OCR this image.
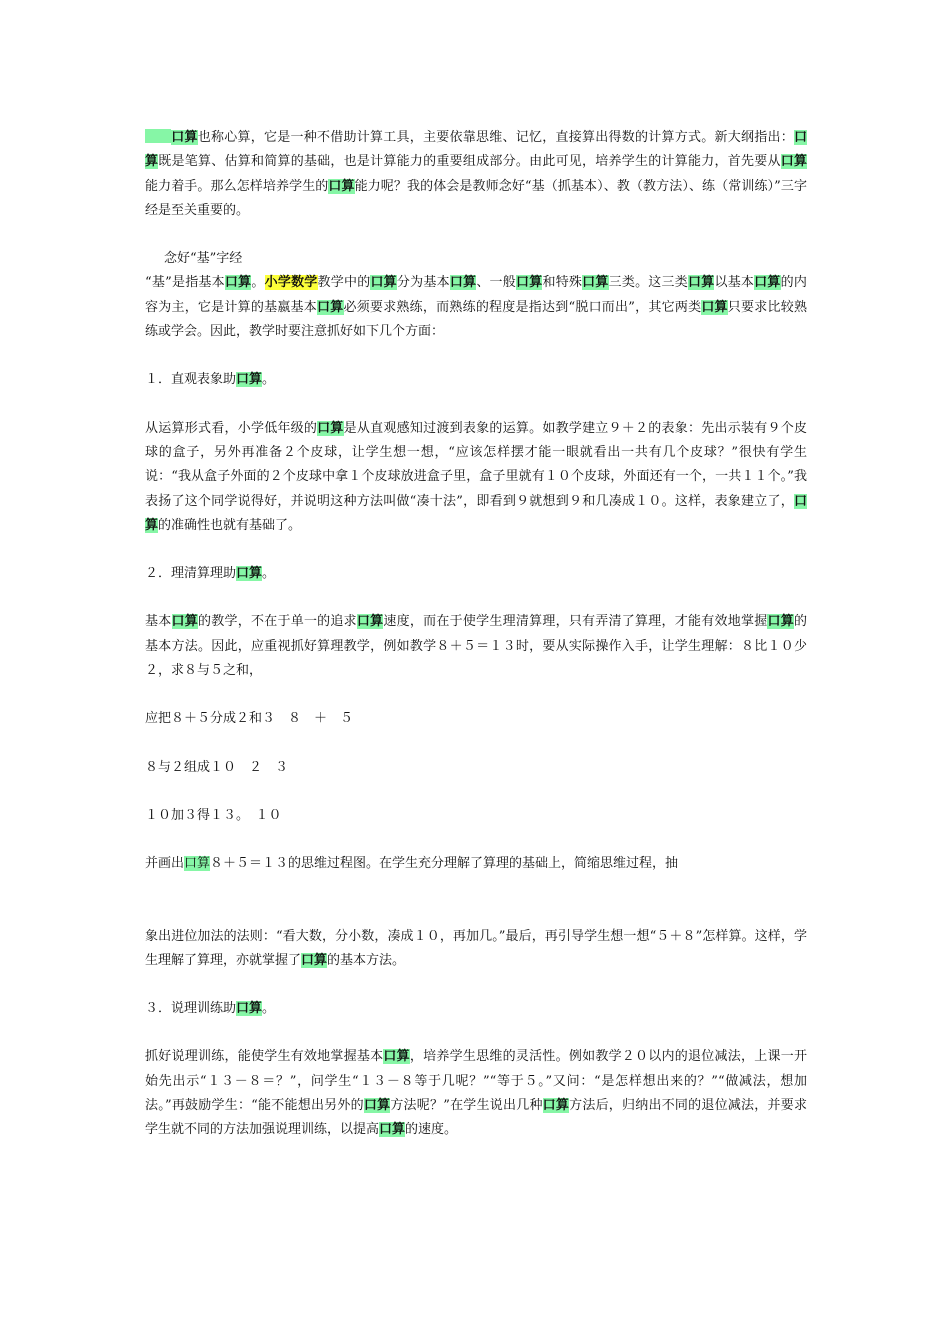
口算也称心算，它是一种不借助计算工具，主要依靠思维、记忆，直接算出得数的计算方式。新大纲指出：口算既是笔算、估算和简算的基础，也是计算能力的重要组成部分。由此可见，培养学生的计算能力，首先要从口算能力着手。那么怎样培养学生的口算能力呢？我的体会是教师念好“基（抓基本）、教（教方法）、练（常训练）”三字经是至关重要的。

念好“基”字经

“基”是指基本口算。小学数学教学中的口算分为基本口算、一般口算和特殊口算三类。这三类口算以基本口算的内容为主，它是计算的基嬴基本口算必须要求熟练，而熟练的程度是指达到“脱口而出”，其它两类口算只要求比较熟练或学会。因此，教学时要注意抓好如下几个方面：

１．直观表象助口算。

从运算形式看，小学低年级的口算是从直观感知过渡到表象的运算。如教学建立９＋２的表象：先出示装有９个皮球的盒子，另外再准备２个皮球，让学生想一想，“应该怎样摆才能一眼就看出一共有几个皮球？”很快有学生说：“我从盒子外面的２个皮球中拿１个皮球放进盒子里，盒子里就有１０个皮球，外面还有一个，一共１１个。”我表扬了这个同学说得好，并说明这种方法叫做“凑十法”，即看到９就想到９和几凑成１０。这样，表象建立了，口算的准确性也就有基础了。

２．理清算理助口算。

基本口算的教学，不在于单一的追求口算速度，而在于使学生理清算理，只有弄清了算理，才能有效地掌握口算的基本方法。因此，应重视抓好算理教学，例如教学８＋５＝１３时，要从实际操作入手，让学生理解：８比１０少２，求８与５之和，

应把８＋５分成２和３　８　＋　５

８与２组成１０　２　３

１０加３得１３。　１０

并画出口算８＋５＝１３的思维过程图。在学生充分理解了算理的基础上，简缩思维过程，抽

象出进位加法的法则：“看大数，分小数，凑成１０，再加几。”最后，再引导学生想一想“５＋８”怎样算。这样，学生理解了算理，亦就掌握了口算的基本方法。

３．说理训练助口算。

抓好说理训练，能使学生有效地掌握基本口算，培养学生思维的灵活性。例如教学２０以内的退位减法，上课一开始先出示“１３－８＝？”，问学生“１３－８等于几呢？”“等于５。”又问：“是怎样想出来的？”“做减法，想加法。”再鼓励学生：“能不能想出另外的口算方法呢？”在学生说出几种口算方法后，归纳出不同的退位减法，并要求学生就不同的方法加强说理训练，以提高口算的速度。
